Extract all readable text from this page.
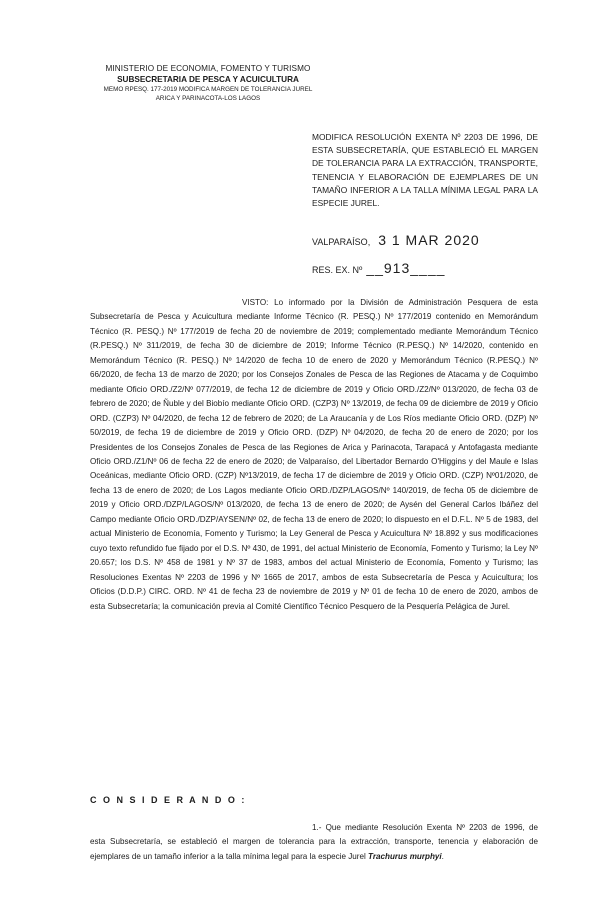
MINISTERIO DE ECONOMIA, FOMENTO Y TURISMO
SUBSECRETARIA DE PESCA Y ACUICULTURA
MEMO RPESQ. 177-2019 MODIFICA MARGEN DE TOLERANCIA JUREL
ARICA Y PARINACOTA-LOS LAGOS
MODIFICA RESOLUCIÓN EXENTA Nº 2203 DE 1996, DE ESTA SUBSECRETARÍA, QUE ESTABLECIÓ EL MARGEN DE TOLERANCIA PARA LA EXTRACCIÓN, TRANSPORTE, TENENCIA Y ELABORACIÓN DE EJEMPLARES DE UN TAMAÑO INFERIOR A LA TALLA MÍNIMA LEGAL PARA LA ESPECIE JUREL.
VALPARAÍSO, 3 1 MAR 2020
RES. EX. Nº __913____

VISTO: Lo informado por la División de Administración Pesquera de esta Subsecretaría de Pesca y Acuicultura mediante Informe Técnico (R. PESQ.) Nº 177/2019 contenido en Memorándum Técnico (R. PESQ.) Nº 177/2019 de fecha 20 de noviembre de 2019; complementado mediante Memorándum Técnico (R.PESQ.) Nº 311/2019, de fecha 30 de diciembre de 2019; Informe Técnico (R.PESQ.) Nº 14/2020, contenido en Memorándum Técnico (R. PESQ.) Nº 14/2020 de fecha 10 de enero de 2020 y Memorándum Técnico (R.PESQ.) Nº 66/2020, de fecha 13 de marzo de 2020; por los Consejos Zonales de Pesca de las Regiones de Atacama y de Coquimbo mediante Oficio ORD./Z2/Nº 077/2019, de fecha 12 de diciembre de 2019 y Oficio ORD./Z2/Nº 013/2020, de fecha 03 de febrero de 2020; de Ñuble y del Biobío mediante Oficio ORD. (CZP3) Nº 13/2019, de fecha 09 de diciembre de 2019 y Oficio ORD. (CZP3) Nº 04/2020, de fecha 12 de febrero de 2020; de La Araucanía y de Los Ríos mediante Oficio ORD. (DZP) Nº 50/2019, de fecha 19 de diciembre de 2019 y Oficio ORD. (DZP) Nº 04/2020, de fecha 20 de enero de 2020; por los Presidentes de los Consejos Zonales de Pesca de las Regiones de Arica y Parinacota, Tarapacá y Antofagasta mediante Oficio ORD./Z1/Nº 06 de fecha 22 de enero de 2020; de Valparaíso, del Libertador Bernardo O'Higgins y del Maule e Islas Oceánicas, mediante Oficio ORD. (CZP) Nº13/2019, de fecha 17 de diciembre de 2019 y Oficio ORD. (CZP) Nº01/2020, de fecha 13 de enero de 2020; de Los Lagos mediante Oficio ORD./DZP/LAGOS/Nº 140/2019, de fecha 05 de diciembre de 2019 y Oficio ORD./DZP/LAGOS/Nº 013/2020, de fecha 13 de enero de 2020; de Aysén del General Carlos Ibáñez del Campo mediante Oficio ORD./DZP/AYSEN/Nº 02, de fecha 13 de enero de 2020; lo dispuesto en el D.F.L. Nº 5 de 1983, del actual Ministerio de Economía, Fomento y Turismo; la Ley General de Pesca y Acuicultura Nº 18.892 y sus modificaciones cuyo texto refundido fue fijado por el D.S. Nº 430, de 1991, del actual Ministerio de Economía, Fomento y Turismo; la Ley Nº 20.657; los D.S. Nº 458 de 1981 y Nº 37 de 1983, ambos del actual Ministerio de Economía, Fomento y Turismo; las Resoluciones Exentas Nº 2203 de 1996 y Nº 1665 de 2017, ambos de esta Subsecretaría de Pesca y Acuicultura; los Oficios (D.D.P.) CIRC. ORD. Nº 41 de fecha 23 de noviembre de 2019 y Nº 01 de fecha 10 de enero de 2020, ambos de esta Subsecretaría; la comunicación previa al Comité Científico Técnico Pesquero de la Pesquería Pelágica de Jurel.

C O N S I D E R A N D O :

1.- Que mediante Resolución Exenta Nº 2203 de 1996, de esta Subsecretaría, se estableció el margen de tolerancia para la extracción, transporte, tenencia y elaboración de ejemplares de un tamaño inferior a la talla mínima legal para la especie Jurel Trachurus murphyi.
